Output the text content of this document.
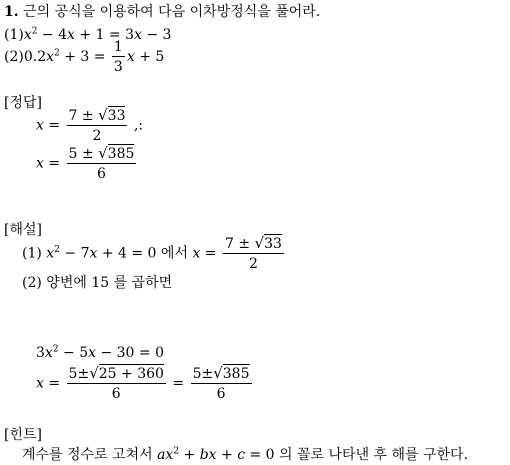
1. 근의 공식을 이용하여 다음 이차방정식을 풀어라.
$(1)x^2 - 4x + 1 = 3x - 3$
$(2)0.2x^2 + 3 = \frac{1}{3}$ x + 5
[정답]
$x = \frac{7 \pm √33}{2}$ ,:
$x = \frac{5 \pm √385}{6}$
[해설]
(1) $x^2 - 7x + 4 = 0$ 에서 $x = \frac{7 \pm √33}{2}$
(2) 양변에 15 를 곱하면
$3x^2 - 5x - 30 = 0$
$x = \frac{5\pm√25 + 360}{6} = \frac{5\pm√385}{6}$
[힌트]
계수를 정수로 고쳐서 $ax^2$ + bx + c = 0 의 꼴로 나타낸 후 해를 구한다.
